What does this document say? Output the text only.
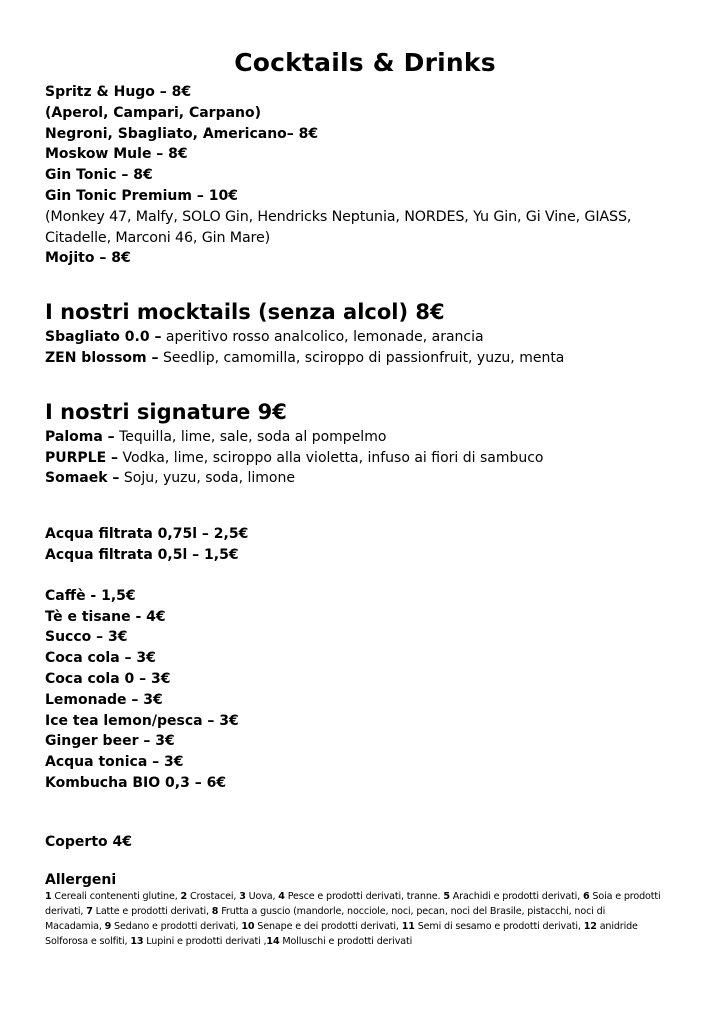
Cocktails & Drinks
Spritz & Hugo – 8€
(Aperol, Campari, Carpano)
Negroni, Sbagliato, Americano– 8€
Moskow Mule – 8€
Gin Tonic – 8€
Gin Tonic Premium – 10€
(Monkey 47, Malfy, SOLO Gin, Hendricks Neptunia, NORDES, Yu Gin, Gi Vine, GIASS, Citadelle, Marconi 46, Gin Mare)
Mojito – 8€
I nostri mocktails (senza alcol) 8€
Sbagliato 0.0 – aperitivo rosso analcolico, lemonade, arancia
ZEN blossom – Seedlip, camomilla, sciroppo di passionfruit, yuzu, menta
I nostri signature 9€
Paloma – Tequilla, lime, sale, soda al pompelmo
PURPLE – Vodka, lime, sciroppo alla violetta, infuso ai fiori di sambuco
Somaek – Soju, yuzu, soda, limone
Acqua filtrata 0,75l – 2,5€
Acqua filtrata 0,5l – 1,5€
Caffè - 1,5€
Tè e tisane - 4€
Succo – 3€
Coca cola – 3€
Coca cola 0 – 3€
Lemonade – 3€
Ice tea lemon/pesca – 3€
Ginger beer – 3€
Acqua tonica – 3€
Kombucha BIO 0,3 – 6€
Coperto 4€
Allergeni
1 Cereali contenenti glutine, 2 Crostacei, 3 Uova, 4 Pesce e prodotti derivati, tranne. 5 Arachidi e prodotti derivati, 6 Soia e prodotti derivati, 7 Latte e prodotti derivati, 8 Frutta a guscio (mandorle, nocciole, noci, pecan, noci del Brasile, pistacchi, noci di Macadamia, 9 Sedano e prodotti derivati, 10 Senape e dei prodotti derivati, 11 Semi di sesamo e prodotti derivati, 12 anidride Solforosa e solfiti, 13 Lupini e prodotti derivati ,14 Molluschi e prodotti derivati
